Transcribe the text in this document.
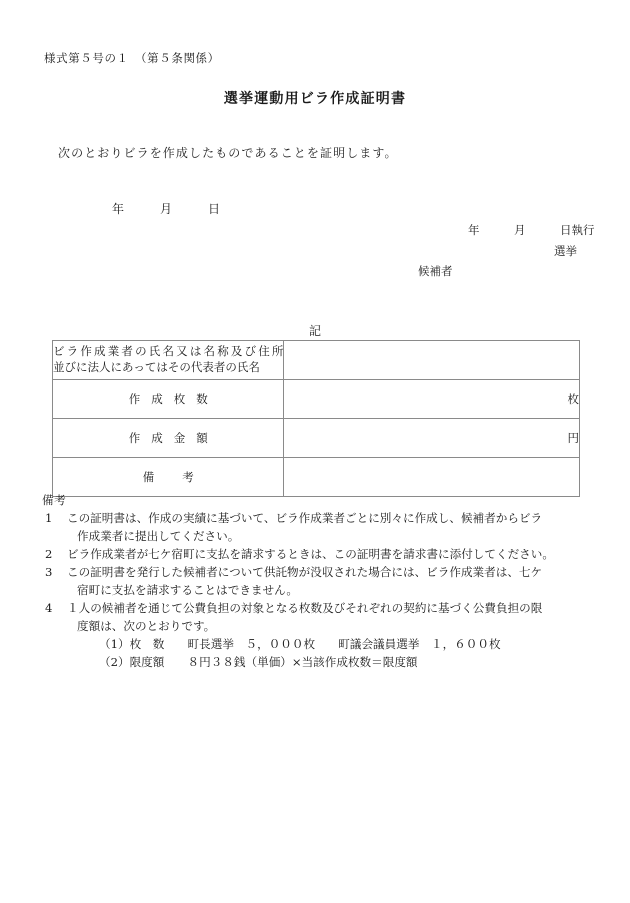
様式第５号の１　（第５条関係）
選挙運動用ビラ作成証明書
次のとおりビラを作成したものであることを証明します。
年　　　月　　　日
年　　　月　　　日執行
選挙
候補者
記
ビラ作成業者の氏名又は名称及び住所
並びに法人にあってはその代表者の氏名	

作成枚数	枚
作成金額	円
備考	
備考
1	この証明書は、作成の実績に基づいて、ビラ作成業者ごとに別々に作成し、候補者からビラ
作成業者に提出してください。
2	ビラ作成業者が七ケ宿町に支払を請求するときは、この証明書を請求書に添付してください。
3	この証明書を発行した候補者について供託物が没収された場合には、ビラ作成業者は、七ケ
宿町に支払を請求することはできません。
4	１人の候補者を通じて公費負担の対象となる枚数及びそれぞれの契約に基づく公費負担の限
度額は、次のとおりです。
（1）枚　数　　町長選挙　５，０００枚　　町議会議員選挙　１，６００枚
（2）限度額　　８円３８銭（単価）×当該作成枚数＝限度額
